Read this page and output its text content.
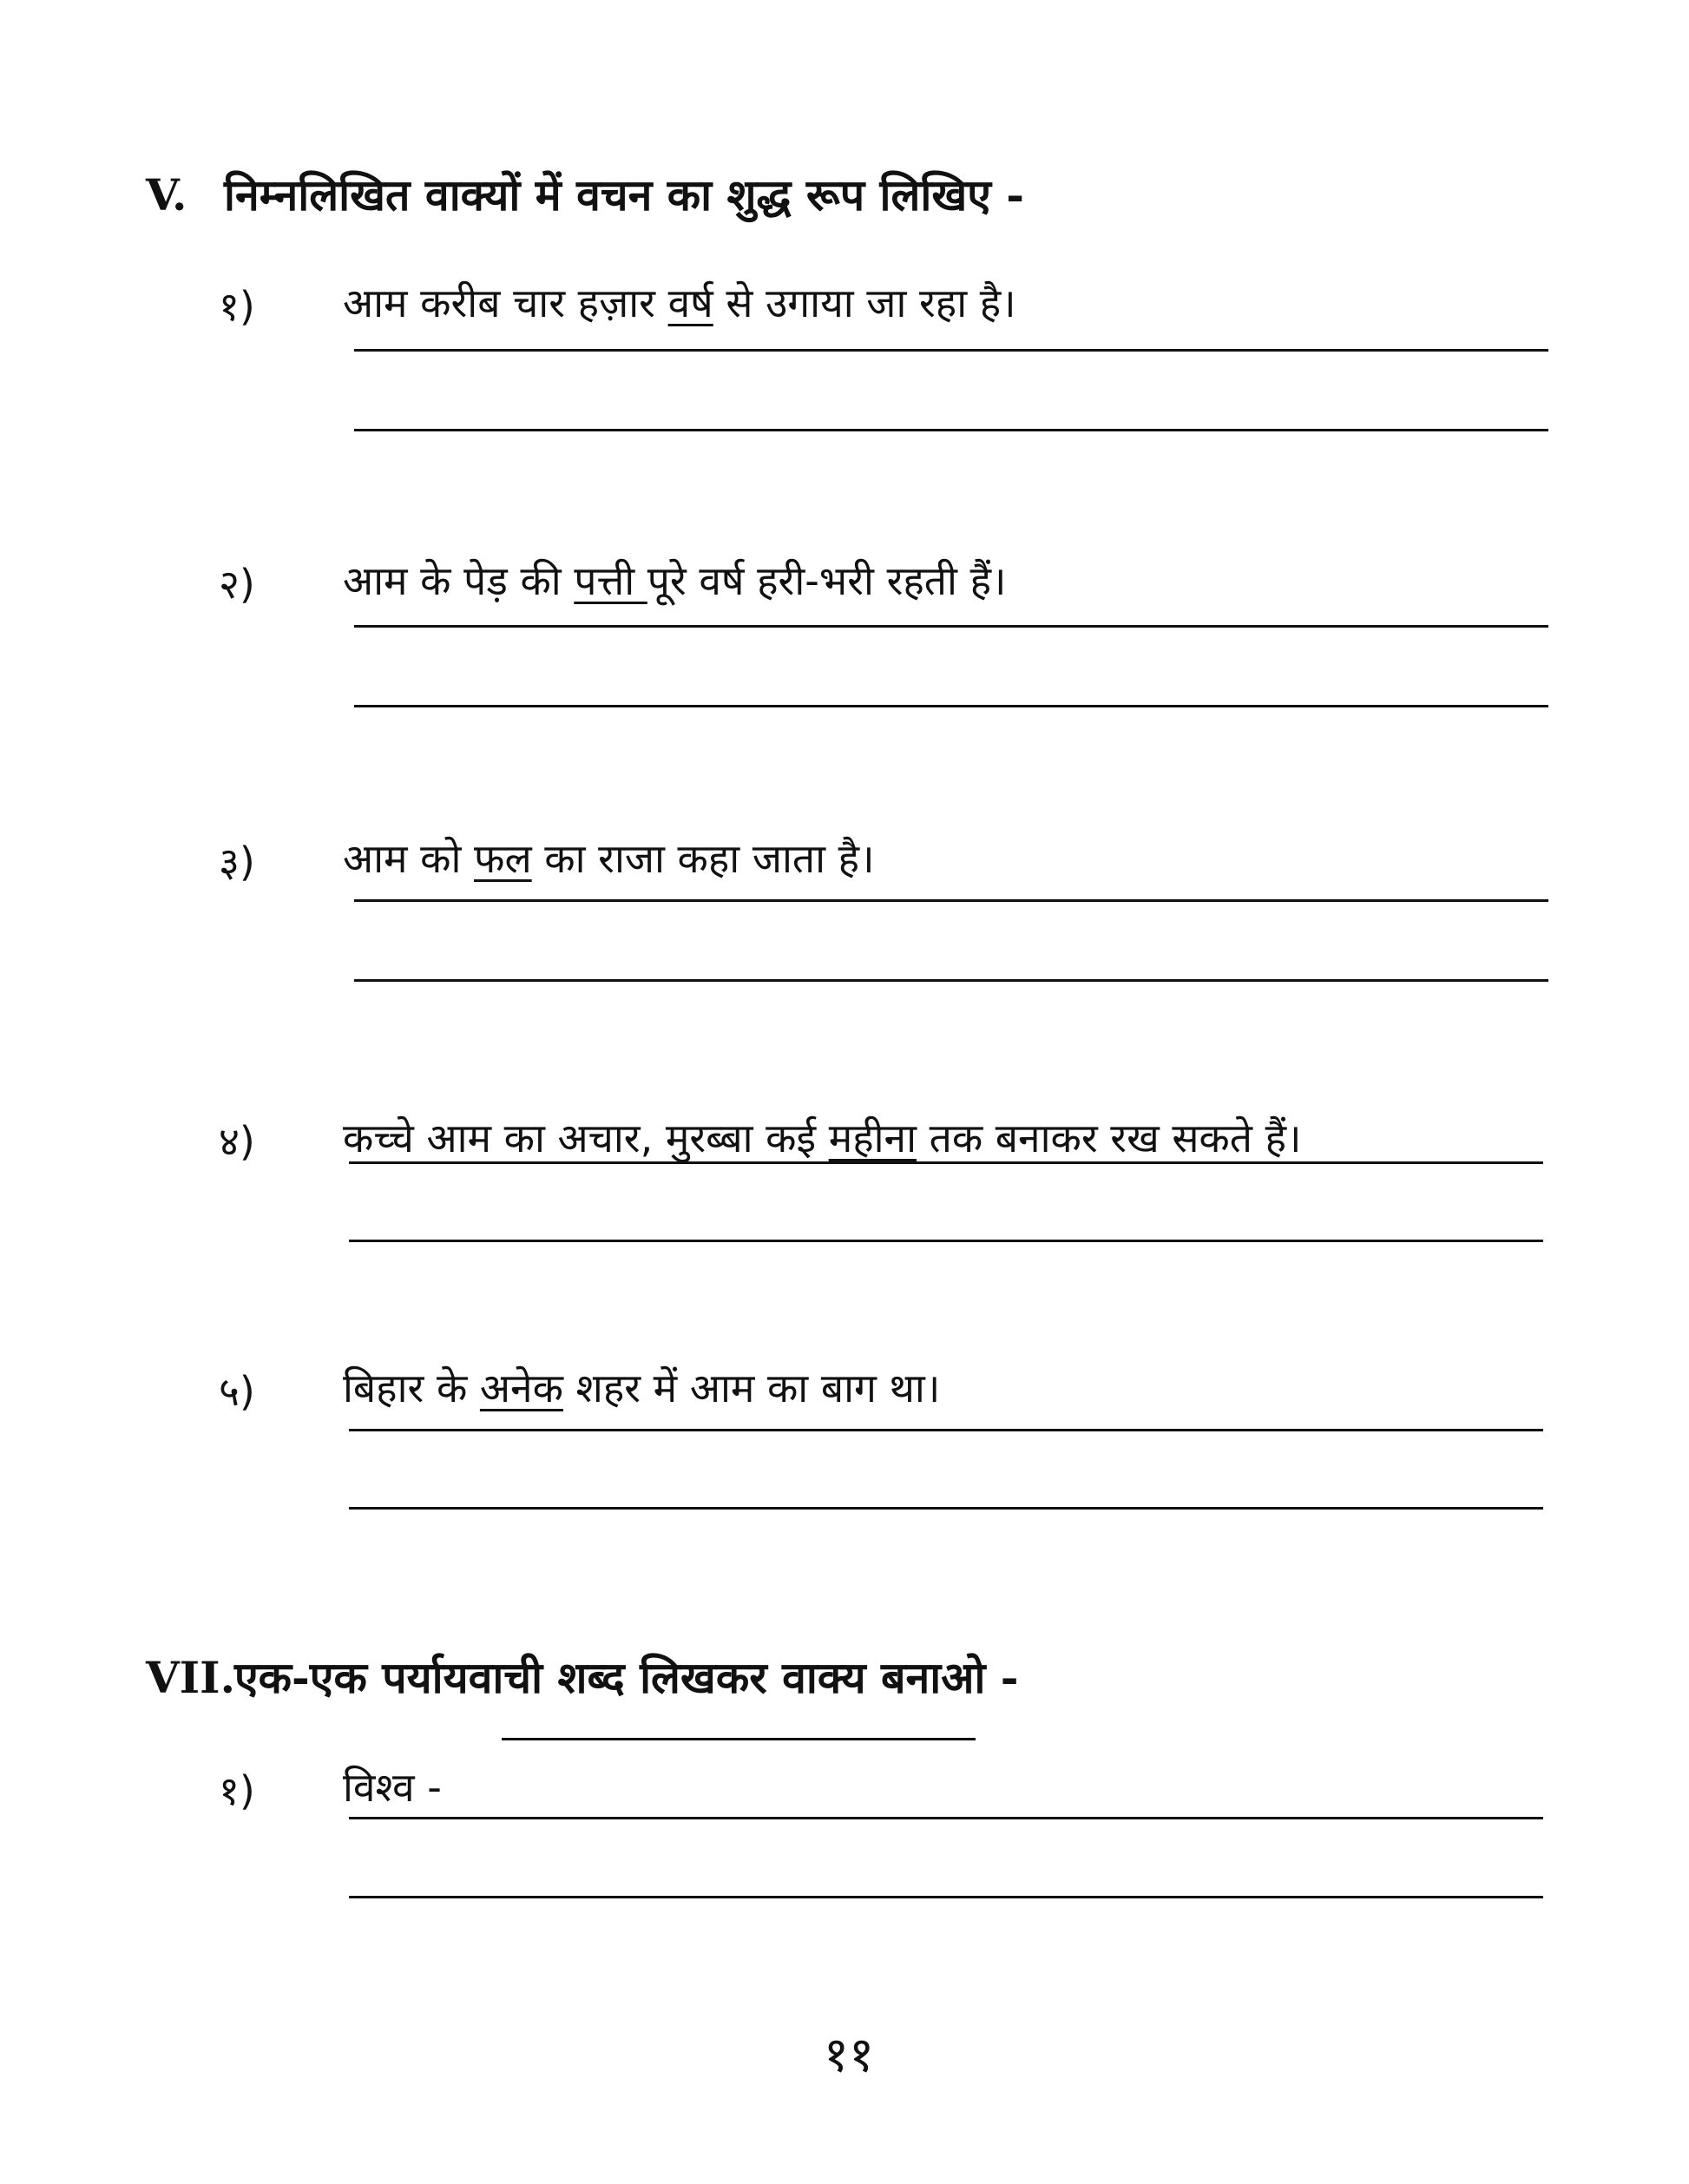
V. निम्नलिखित वाक्यों में वचन का शुद्ध रूप लिखिए -
१) आम करीब चार हज़ार वर्ष से उगाया जा रहा है।
२) आम के पेड़ की पत्ती पूरे वर्ष हरी-भरी रहती हैं।
३) आम को फल का राजा कहा जाता है।
४) कच्चे आम का अचार, मुरब्बा कई महीना तक बनाकर रख सकते हैं।
५) बिहार के अनेक शहर में आम का बाग था।
VII. एक-एक पर्यायवाची शब्द लिखकर वाक्य बनाओ -
१) विश्व -
११
